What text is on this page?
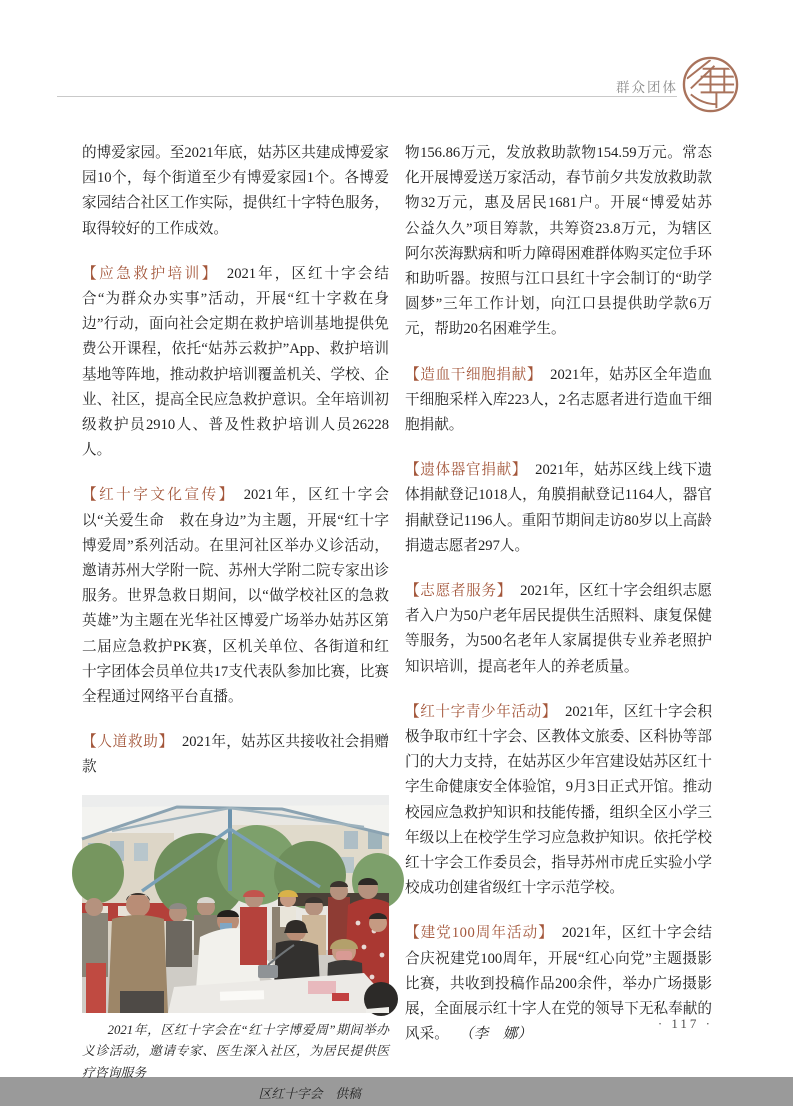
群众团体

的博爱家园。至2021年底，姑苏区共建成博爱家园10个，每个街道至少有博爱家园1个。各博爱家园结合社区工作实际，提供红十字特色服务，取得较好的工作成效。

【应急救护培训】 2021年，区红十字会结合“为群众办实事”活动，开展“红十字救在身边”行动，面向社会定期在救护培训基地提供免费公开课程，依托“姑苏云救护”App、救护培训基地等阵地，推动救护培训覆盖机关、学校、企业、社区，提高全民应急救护意识。全年培训初级救护员2910人、普及性救护培训人员26228人。

【红十字文化宣传】 2021年，区红十字会以“关爱生命　救在身边”为主题，开展“红十字博爱周”系列活动。在里河社区举办义诊活动，邀请苏州大学附一院、苏州大学附二院专家出诊服务。世界急救日期间，以“做学校社区的急救英雄”为主题在光华社区博爱广场举办姑苏区第二届应急救护PK赛，区机关单位、各街道和红十字团体会员单位共17支代表队参加比赛，比赛全程通过网络平台直播。

【人道救助】 2021年，姑苏区共接收社会捐赠款

2021年，区红十字会在“红十字博爱周”期间举办义诊活动，邀请专家、医生深入社区，为居民提供医疗咨询服务
区红十字会　供稿

物156.86万元，发放救助款物154.59万元。常态化开展博爱送万家活动，春节前夕共发放救助款物32万元，惠及居民1681户。开展“博爱姑苏　公益久久”项目筹款，共筹资23.8万元，为辖区阿尔茨海默病和听力障碍困难群体购买定位手环和助听器。按照与江口县红十字会制订的“助学圆梦”三年工作计划，向江口县提供助学款6万元，帮助20名困难学生。

【造血干细胞捐献】 2021年，姑苏区全年造血干细胞采样入库223人，2名志愿者进行造血干细胞捐献。

【遗体器官捐献】 2021年，姑苏区线上线下遗体捐献登记1018人，角膜捐献登记1164人，器官捐献登记1196人。重阳节期间走访80岁以上高龄捐遗志愿者297人。

【志愿者服务】 2021年，区红十字会组织志愿者入户为50户老年居民提供生活照料、康复保健等服务，为500名老年人家属提供专业养老照护知识培训，提高老年人的养老质量。

【红十字青少年活动】 2021年，区红十字会积极争取市红十字会、区教体文旅委、区科协等部门的大力支持，在姑苏区少年宫建设姑苏区红十字生命健康安全体验馆，9月3日正式开馆。推动校园应急救护知识和技能传播，组织全区小学三年级以上在校学生学习应急救护知识。依托学校红十字会工作委员会，指导苏州市虎丘实验小学校成功创建省级红十字示范学校。

【建党100周年活动】 2021年，区红十字会结合庆祝建党100周年，开展“红心向党”主题摄影比赛，共收到投稿作品200余件，举办广场摄影展，全面展示红十字人在党的领导下无私奉献的风采。 （李　娜）

· 117 ·
